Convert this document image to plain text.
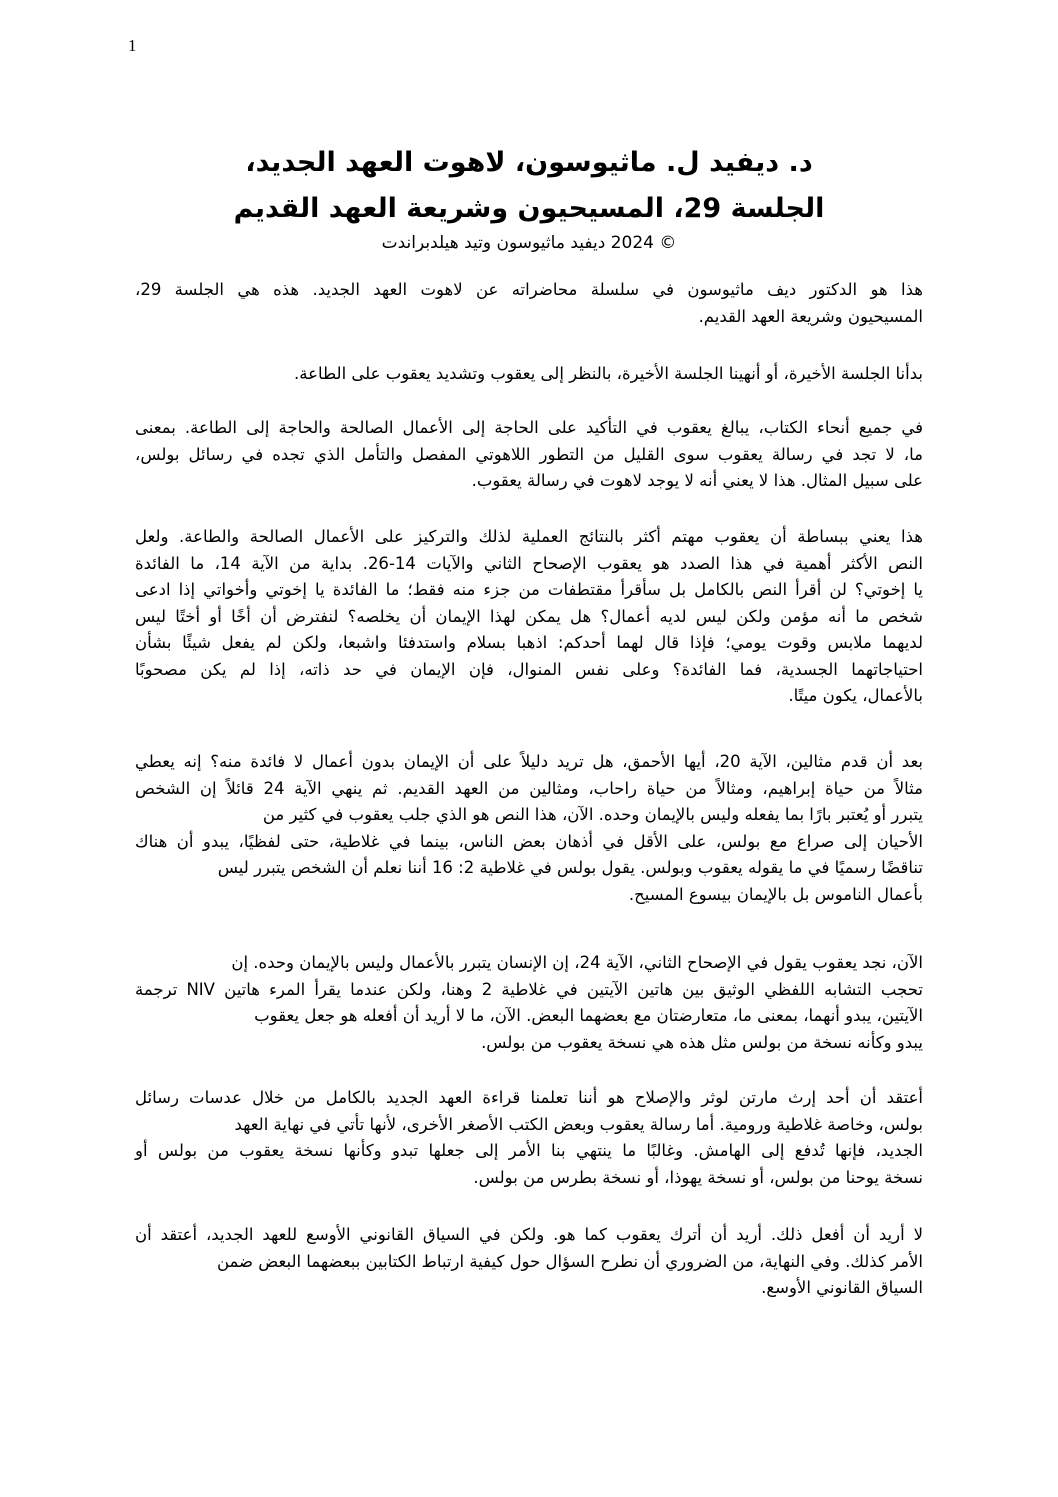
1
د. ديفيد ل. ماثيوسون، لاهوت العهد الجديد،
الجلسة 29، المسيحيون وشريعة العهد القديم
© 2024 ديفيد ماثيوسون وتيد هيلدبراندت
هذا هو الدكتور ديف ماثيوسون في سلسلة محاضراته عن لاهوت العهد الجديد. هذه هي الجلسة 29،
المسيحيون وشريعة العهد القديم.
بدأنا الجلسة الأخيرة، أو أنهينا الجلسة الأخيرة، بالنظر إلى يعقوب وتشديد يعقوب على الطاعة.
في جميع أنحاء الكتاب، يبالغ يعقوب في التأكيد على الحاجة إلى الأعمال الصالحة والحاجة إلى الطاعة. بمعنى
ما، لا تجد في رسالة يعقوب سوى القليل من التطور اللاهوتي المفصل والتأمل الذي تجده في رسائل بولس،
على سبيل المثال. هذا لا يعني أنه لا يوجد لاهوت في رسالة يعقوب.
هذا يعني ببساطة أن يعقوب مهتم أكثر بالنتائج العملية لذلك والتركيز على الأعمال الصالحة والطاعة. ولعل
النص الأكثر أهمية في هذا الصدد هو يعقوب الإصحاح الثاني والآيات 14-26. بداية من الآية 14، ما الفائدة
يا إخوتي؟ لن أقرأ النص بالكامل بل سأقرأ مقتطفات من جزء منه فقط؛ ما الفائدة يا إخوتي وأخواتي إذا ادعى
شخص ما أنه مؤمن ولكن ليس لديه أعمال؟ هل يمكن لهذا الإيمان أن يخلصه؟ لنفترض أن أخًا أو أختًا ليس
لديهما ملابس وقوت يومي؛ فإذا قال لهما أحدكم: اذهبا بسلام واستدفئا واشبعا، ولكن لم يفعل شيئًا بشأن
احتياجاتهما الجسدية، فما الفائدة؟ وعلى نفس المنوال، فإن الإيمان في حد ذاته، إذا لم يكن مصحوبًا
بالأعمال، يكون ميتًا.
بعد أن قدم مثالين، الآية 20، أيها الأحمق، هل تريد دليلاً على أن الإيمان بدون أعمال لا فائدة منه؟ إنه يعطي
مثالاً من حياة إبراهيم، ومثالاً من حياة راحاب، ومثالين من العهد القديم. ثم ينهي الآية 24 قائلاً إن الشخص
يتبرر أو يُعتبر بارًا بما يفعله وليس بالإيمان وحده. الآن، هذا النص هو الذي جلب يعقوب في كثير من
الأحيان إلى صراع مع بولس، على الأقل في أذهان بعض الناس، بينما في غلاطية، حتى لفظيًا، يبدو أن هناك
تناقضًا رسميًا في ما يقوله يعقوب وبولس. يقول بولس في غلاطية 2: 16 أننا نعلم أن الشخص يتبرر ليس
بأعمال الناموس بل بالإيمان بيسوع المسيح.
الآن، نجد يعقوب يقول في الإصحاح الثاني، الآية 24، إن الإنسان يتبرر بالأعمال وليس بالإيمان وحده. إن
تحجب التشابه اللفظي الوثيق بين هاتين الآيتين في غلاطية 2 وهنا، ولكن عندما يقرأ المرء هاتين NIV ترجمة
الآيتين، يبدو أنهما، بمعنى ما، متعارضتان مع بعضهما البعض. الآن، ما لا أريد أن أفعله هو جعل يعقوب
يبدو وكأنه نسخة من بولس مثل هذه هي نسخة يعقوب من بولس.
أعتقد أن أحد إرث مارتن لوثر والإصلاح هو أننا تعلمنا قراءة العهد الجديد بالكامل من خلال عدسات رسائل
بولس، وخاصة غلاطية ورومية. أما رسالة يعقوب وبعض الكتب الأصغر الأخرى، لأنها تأتي في نهاية العهد
الجديد، فإنها تُدفع إلى الهامش. وغالبًا ما ينتهي بنا الأمر إلى جعلها تبدو وكأنها نسخة يعقوب من بولس أو
نسخة يوحنا من بولس، أو نسخة يهوذا، أو نسخة بطرس من بولس.
لا أريد أن أفعل ذلك. أريد أن أترك يعقوب كما هو. ولكن في السياق القانوني الأوسع للعهد الجديد، أعتقد أن
الأمر كذلك. وفي النهاية، من الضروري أن نطرح السؤال حول كيفية ارتباط الكتابين ببعضهما البعض ضمن
السياق القانوني الأوسع.
